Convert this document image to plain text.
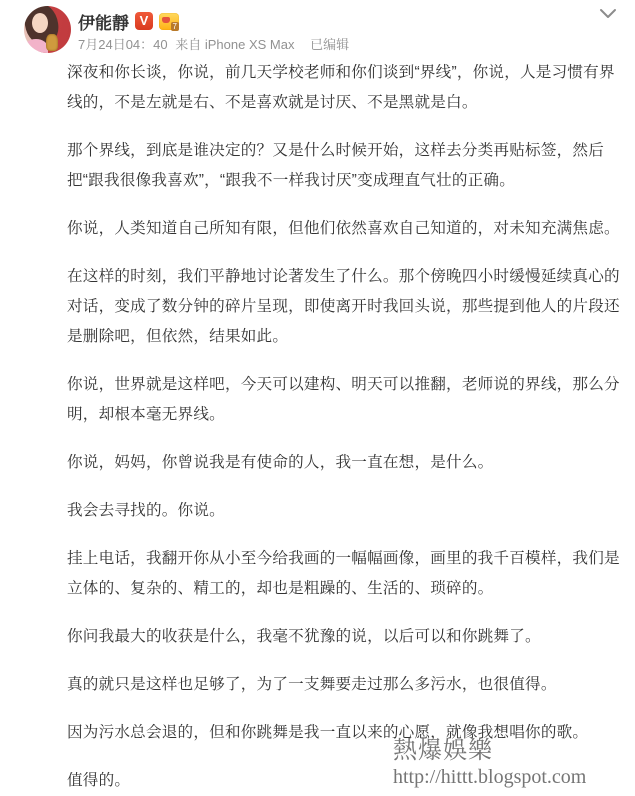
伊能靜 V	7
7月24日04：40 来自 iPhone XS Max 已编辑

深夜和你长谈，你说，前几天学校老师和你们谈到“界线”，你说，人是习惯有界线的，不是左就是右、不是喜欢就是讨厌、不是黑就是白。

那个界线，到底是谁决定的？又是什么时候开始，这样去分类再贴标签，然后把“跟我很像我喜欢”，“跟我不一样我讨厌”变成理直气壮的正确。

你说，人类知道自己所知有限，但他们依然喜欢自己知道的，对未知充满焦虑。

在这样的时刻，我们平静地讨论著发生了什么。那个傍晚四小时缓慢延续真心的对话，变成了数分钟的碎片呈现，即使离开时我回头说，那些提到他人的片段还是删除吧，但依然，结果如此。

你说，世界就是这样吧，今天可以建构、明天可以推翻，老师说的界线，那么分明，却根本毫无界线。

你说，妈妈，你曾说我是有使命的人，我一直在想，是什么。

我会去寻找的。你说。

挂上电话，我翻开你从小至今给我画的一幅幅画像，画里的我千百模样，我们是立体的、复杂的、精工的，却也是粗躁的、生活的、琐碎的。

你问我最大的收获是什么，我毫不犹豫的说，以后可以和你跳舞了。

真的就只是这样也足够了，为了一支舞要走过那么多污水，也很值得。

因为污水总会退的，但和你跳舞是我一直以来的心愿，就像我想唱你的歌。

值得的。

熱爆娛樂
http://hittt.blogspot.com
